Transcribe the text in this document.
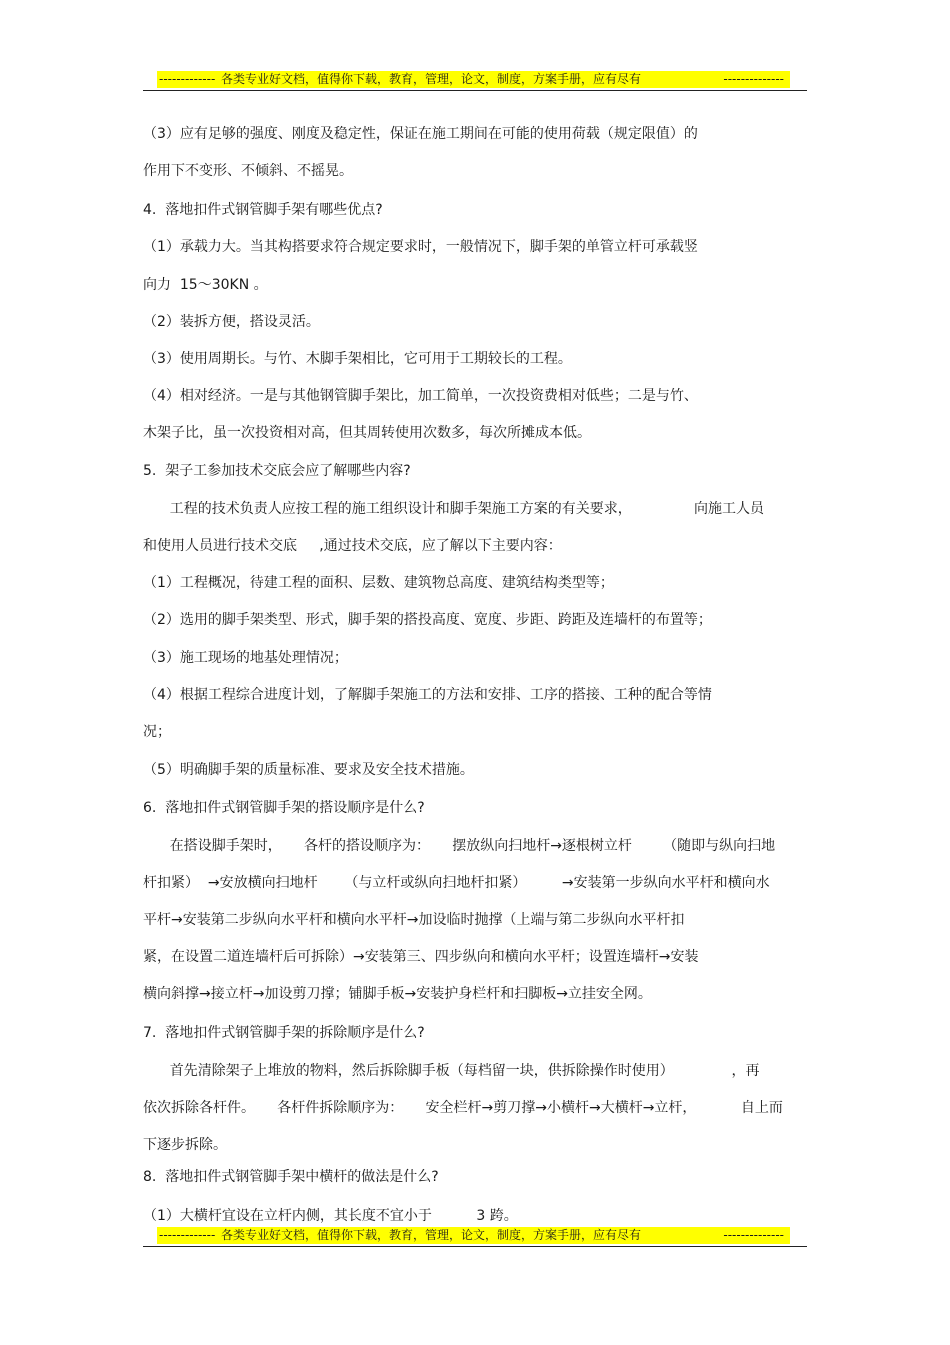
-------------

各类专业好文档，值得你下载，教育，管理，论文，制度，方案手册，应有尽有

	--------------

（3）应有足够的强度、刚度及稳定性，保证在施工期间在可能的使用荷载（规定限值）的
作用下不变形、不倾斜、不摇晃。
4.  落地扣件式钢管脚手架有哪些优点?
（1）承载力大。当其构搭要求符合规定要求时，一般情况下，脚手架的单管立杆可承载竖
向力  15～30KN 。
（2）装拆方便，搭设灵活。
（3）使用周期长。与竹、木脚手架相比，它可用于工期较长的工程。
（4）相对经济。一是与其他钢管脚手架比，加工简单，一次投资费相对低些；二是与竹、
木架子比，虽一次投资相对高，但其周转使用次数多，每次所摊成本低。
5.  架子工参加技术交底会应了解哪些内容?
工程的技术负责人应按工程的施工组织设计和脚手架施工方案的有关要求，              向施工人员
和使用人员进行技术交底     ,通过技术交底，应了解以下主要内容：
（1）工程概况，待建工程的面积、层数、建筑物总高度、建筑结构类型等；
（2）选用的脚手架类型、形式，脚手架的搭投高度、宽度、步距、跨距及连墙杆的布置等；
（3）施工现场的地基处理情况；
（4）根据工程综合进度计划，了解脚手架施工的方法和安排、工序的搭接、工种的配合等情
况；
（5）明确脚手架的质量标准、要求及安全技术措施。
6.  落地扣件式钢管脚手架的搭设顺序是什么?
在搭设脚手架时，     各杆的搭设顺序为：     摆放纵向扫地杆→逐根树立杆       （随即与纵向扫地
杆扣紧）  →安放横向扫地杆      （与立杆或纵向扫地杆扣紧）        →安装第一步纵向水平杆和横向水
平杆→安装第二步纵向水平杆和横向水平杆→加设临时抛撑（上端与第二步纵向水平杆扣
紧，在设置二道连墙杆后可拆除）→安装第三、四步纵向和横向水平杆；设置连墙杆→安装
横向斜撑→接立杆→加设剪刀撑；铺脚手板→安装护身栏杆和扫脚板→立挂安全网。
7.  落地扣件式钢管脚手架的拆除顺序是什么?
首先清除架子上堆放的物料，然后拆除脚手板（每档留一块，供拆除操作时使用）             ，再
依次拆除各杆件。     各杆件拆除顺序为：     安全栏杆→剪刀撑→小横杆→大横杆→立杆，          自上而
下逐步拆除。
8.  落地扣件式钢管脚手架中横杆的做法是什么?
（1）大横杆宜设在立杆内侧，其长度不宜小于          3 跨。

-------------

各类专业好文档，值得你下载，教育，管理，论文，制度，方案手册，应有尽有

	--------------
